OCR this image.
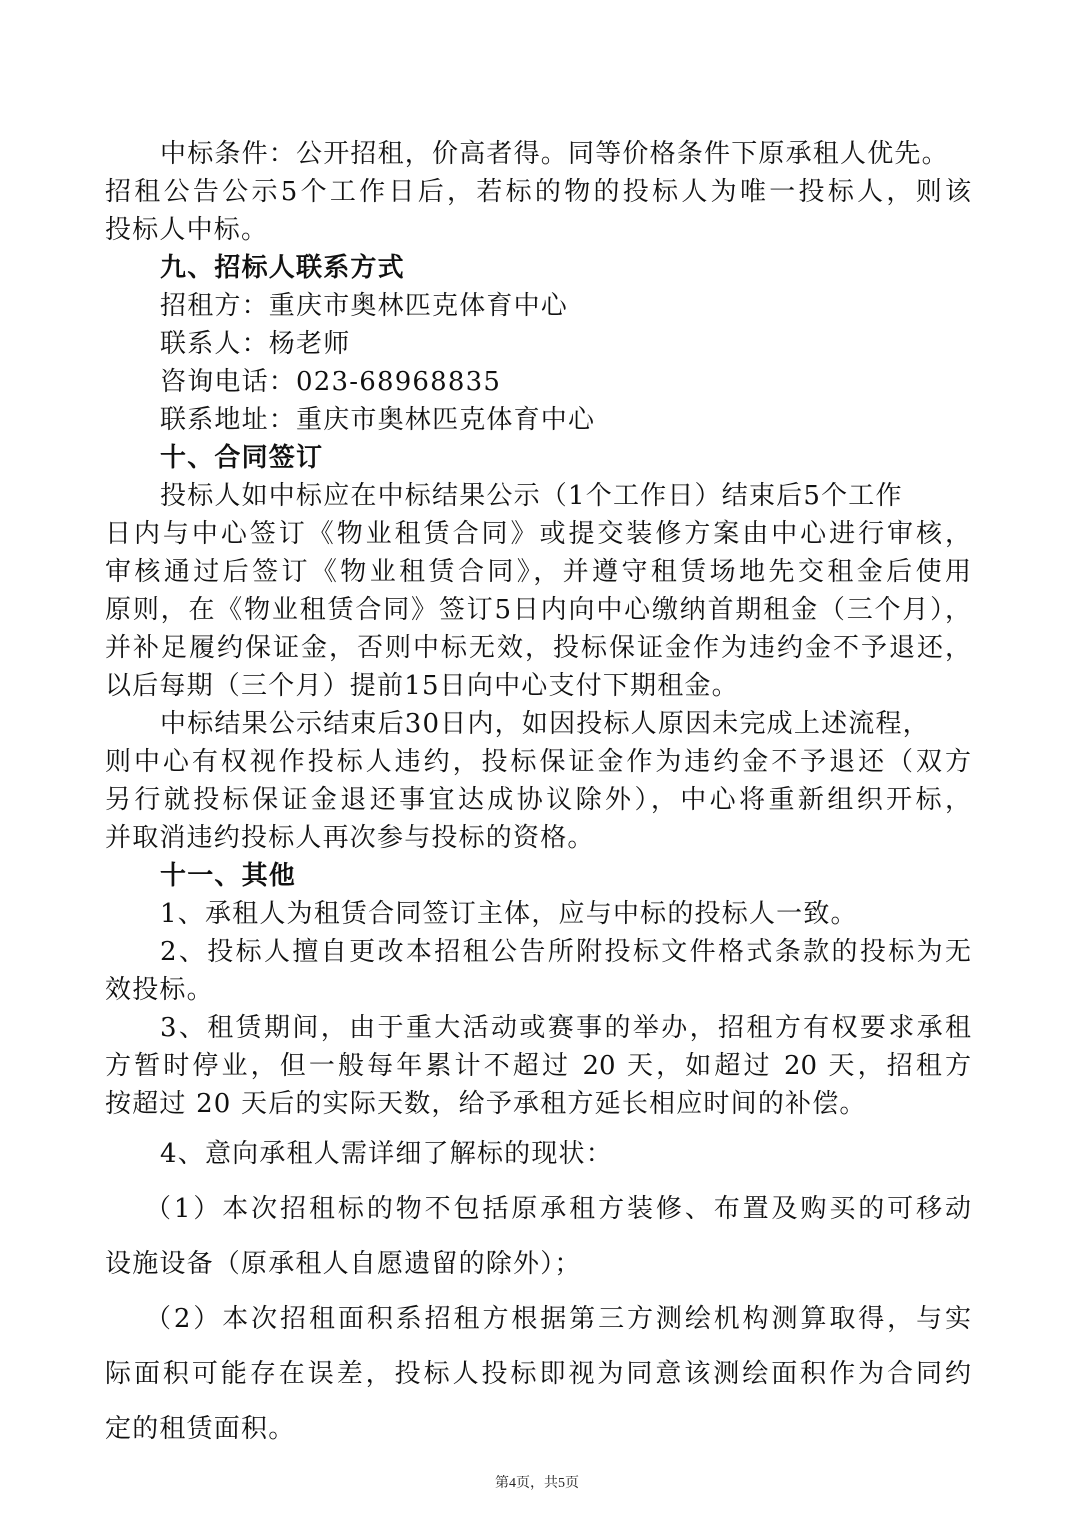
中标条件：公开招租，价高者得。同等价格条件下原承租人优先。
招租公告公示5个工作日后，若标的物的投标人为唯一投标人，则该
投标人中标。
九、招标人联系方式
招租方：重庆市奥林匹克体育中心
联系人：杨老师
咨询电话：023-68968835
联系地址：重庆市奥林匹克体育中心
十、合同签订
投标人如中标应在中标结果公示（1个工作日）结束后5个工作
日内与中心签订《物业租赁合同》或提交装修方案由中心进行审核，
审核通过后签订《物业租赁合同》，并遵守租赁场地先交租金后使用
原则，在《物业租赁合同》签订5日内向中心缴纳首期租金（三个月），
并补足履约保证金，否则中标无效，投标保证金作为违约金不予退还，
以后每期（三个月）提前15日向中心支付下期租金。
中标结果公示结束后30日内，如因投标人原因未完成上述流程，
则中心有权视作投标人违约，投标保证金作为违约金不予退还（双方
另行就投标保证金退还事宜达成协议除外），中心将重新组织开标，
并取消违约投标人再次参与投标的资格。
十一、其他
1、承租人为租赁合同签订主体，应与中标的投标人一致。
2、投标人擅自更改本招租公告所附投标文件格式条款的投标为无
效投标。
3、租赁期间，由于重大活动或赛事的举办，招租方有权要求承租
方暂时停业，但一般每年累计不超过 20 天，如超过 20 天，招租方
按超过 20 天后的实际天数，给予承租方延长相应时间的补偿。
4、意向承租人需详细了解标的现状：
（1）本次招租标的物不包括原承租方装修、布置及购买的可移动
设施设备（原承租人自愿遗留的除外）；
（2）本次招租面积系招租方根据第三方测绘机构测算取得，与实
际面积可能存在误差，投标人投标即视为同意该测绘面积作为合同约
定的租赁面积。
第4页，共5页
